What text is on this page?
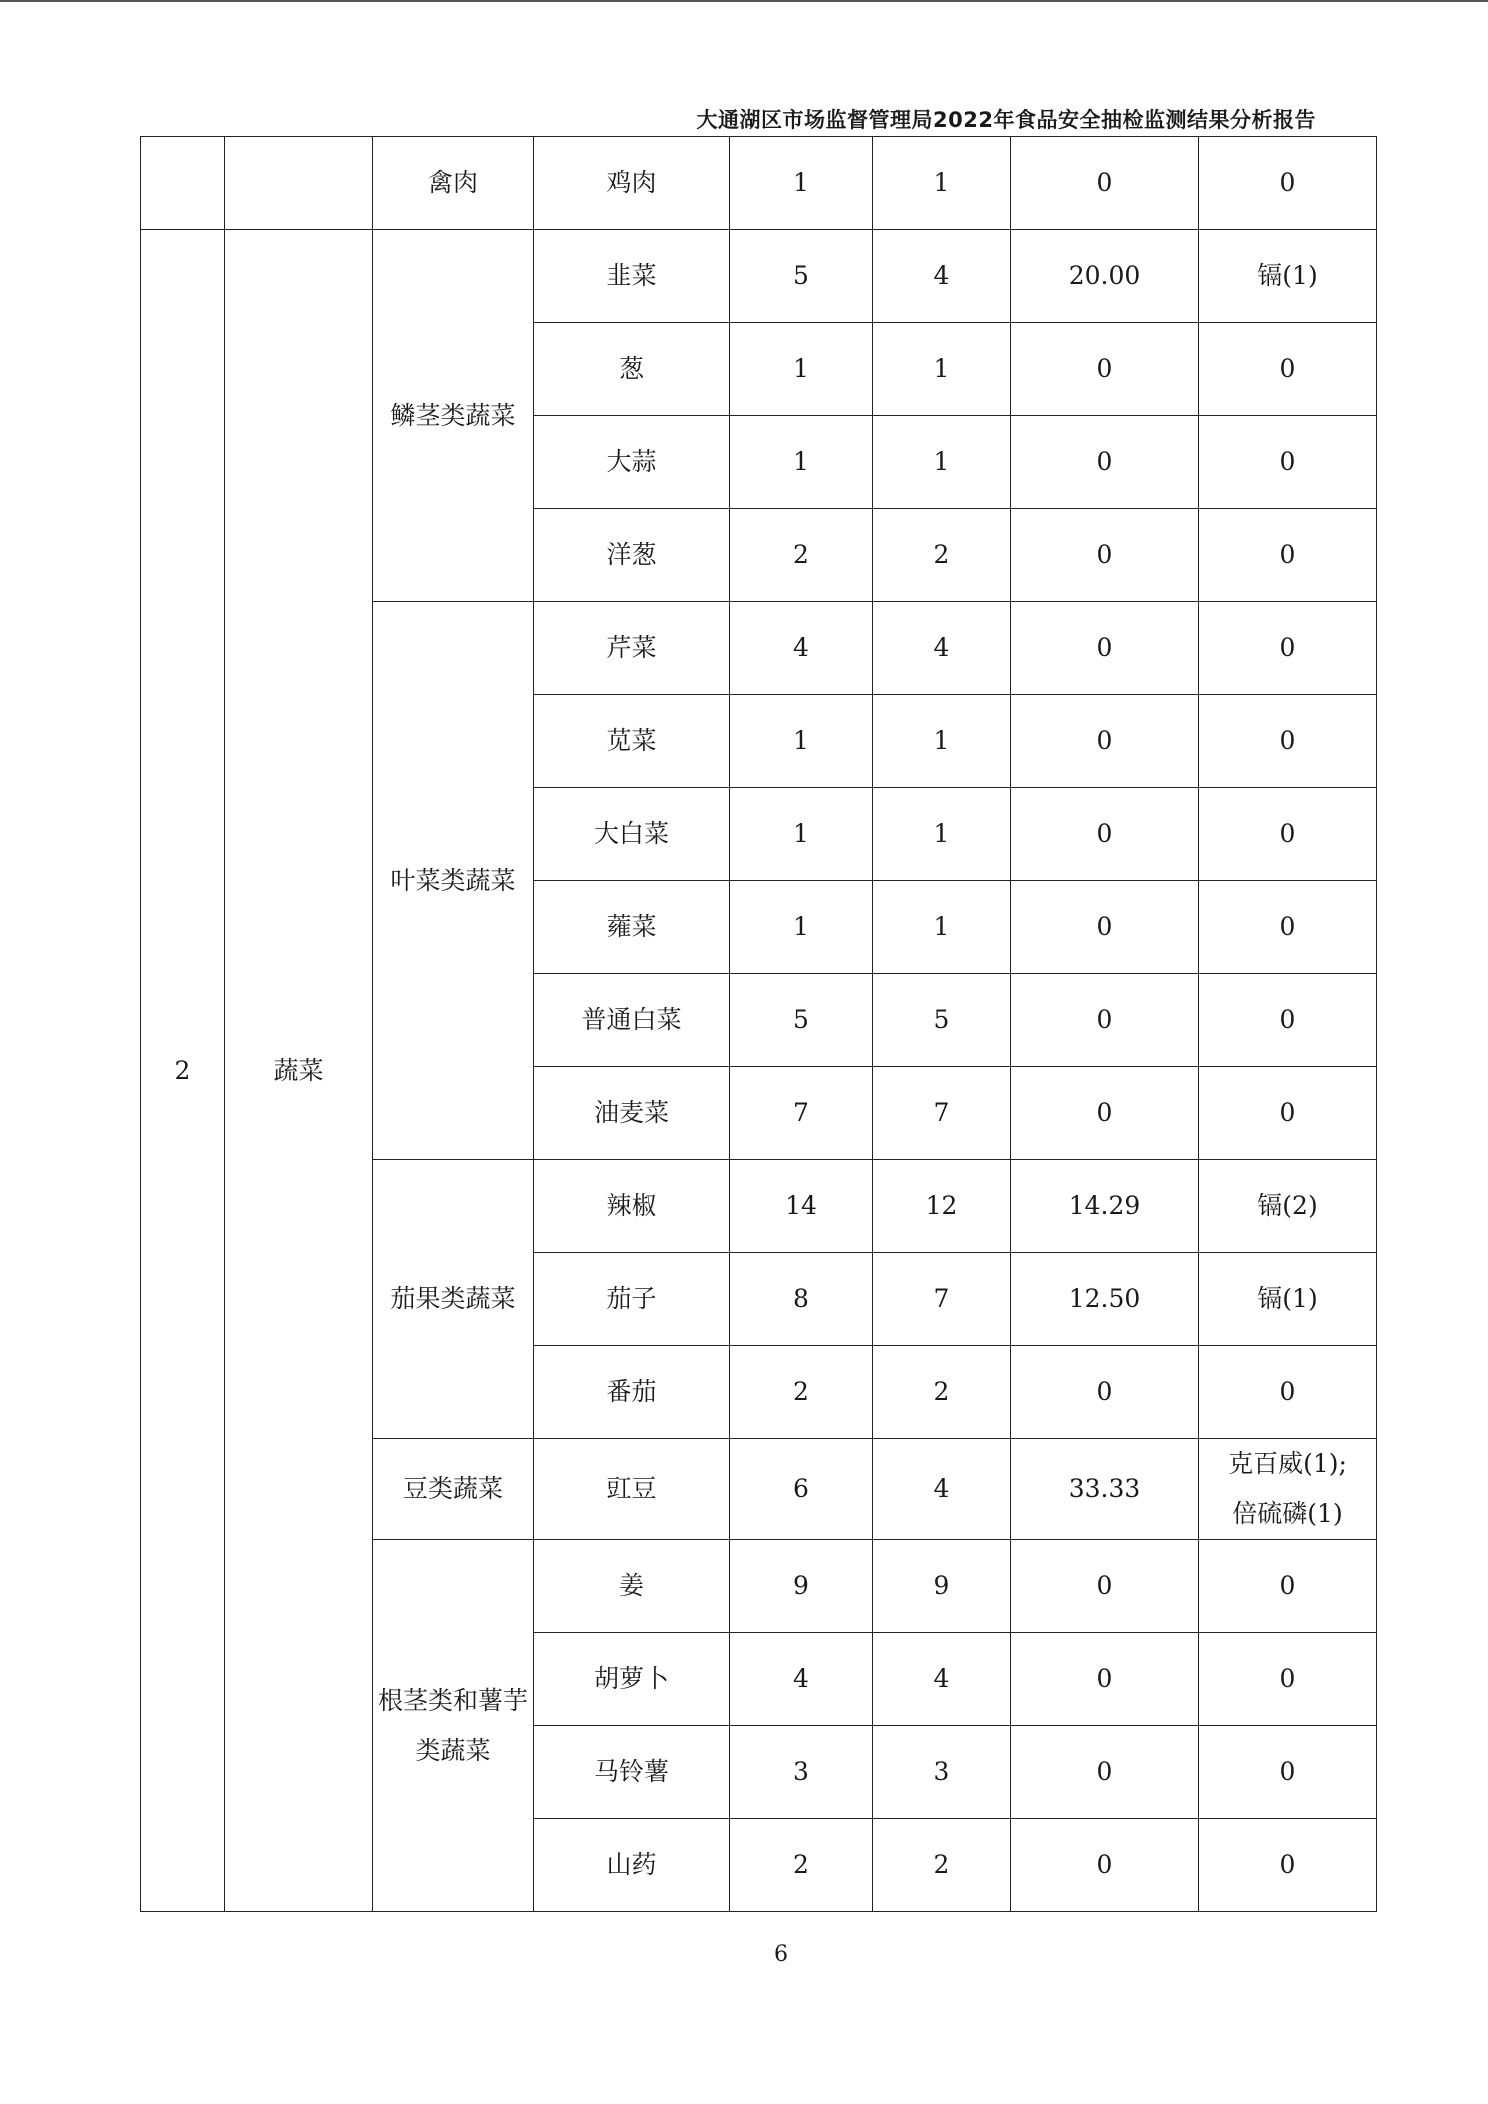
大通湖区市场监督管理局2022年食品安全抽检监测结果分析报告
		禽肉	鸡肉	1	1	0	0
2	蔬菜	鳞茎类蔬菜	韭菜	5	4	20.00	镉(1)
			葱	1	1	0	0
			大蒜	1	1	0	0
			洋葱	2	2	0	0
		叶菜类蔬菜	芹菜	4	4	0	0
			苋菜	1	1	0	0
			大白菜	1	1	0	0
			蕹菜	1	1	0	0
			普通白菜	5	5	0	0
			油麦菜	7	7	0	0
		茄果类蔬菜	辣椒	14	12	14.29	镉(2)
			茄子	8	7	12.50	镉(1)
			番茄	2	2	0	0
		豆类蔬菜	豇豆	6	4	33.33	克百威(1);
倍硫磷(1)

		根茎类和薯芋类蔬菜	姜	9	9	0	0
			胡萝卜	4	4	0	0
			马铃薯	3	3	0	0
			山药	2	2	0	0
6
